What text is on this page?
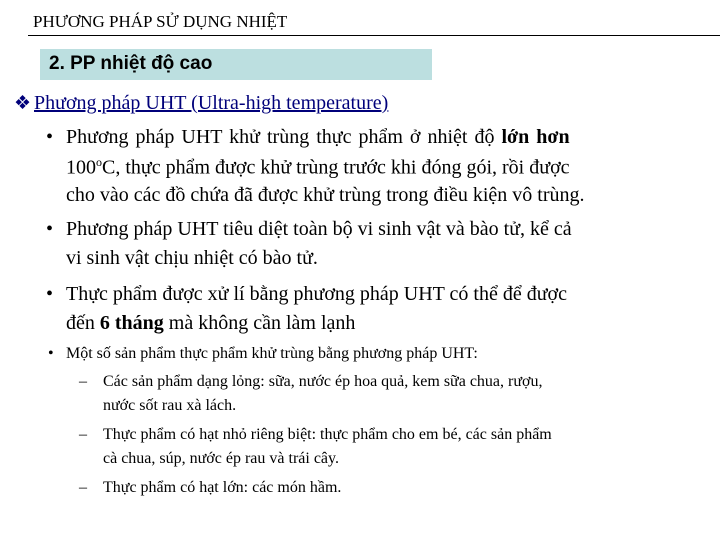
PHƯƠNG PHÁP SỬ DỤNG NHIỆT
2. PP nhiệt độ cao
❖ Phương pháp UHT (Ultra-high temperature)
• Phương pháp UHT khử trùng thực phẩm ở nhiệt độ lớn hơn
100$^o$C, thực phẩm được khử trùng trước khi đóng gói, rồi được
cho vào các đồ chứa đã được khử trùng trong điều kiện vô trùng.
• Phương pháp UHT tiêu diệt toàn bộ vi sinh vật và bào tử, kể cả
vi sinh vật chịu nhiệt có bào tử.
• Thực phẩm được xử lí bằng phương pháp UHT có thể để được
đến 6 tháng mà không cần làm lạnh
• Một số sản phẩm thực phẩm khử trùng bằng phương pháp UHT:
– Các sản phẩm dạng lỏng: sữa, nước ép hoa quả, kem sữa chua, rượu,
nước sốt rau xà lách.
– Thực phẩm có hạt nhỏ riêng biệt: thực phẩm cho em bé, các sản phẩm
cà chua, súp, nước ép rau và trái cây.
– Thực phẩm có hạt lớn: các món hầm.
